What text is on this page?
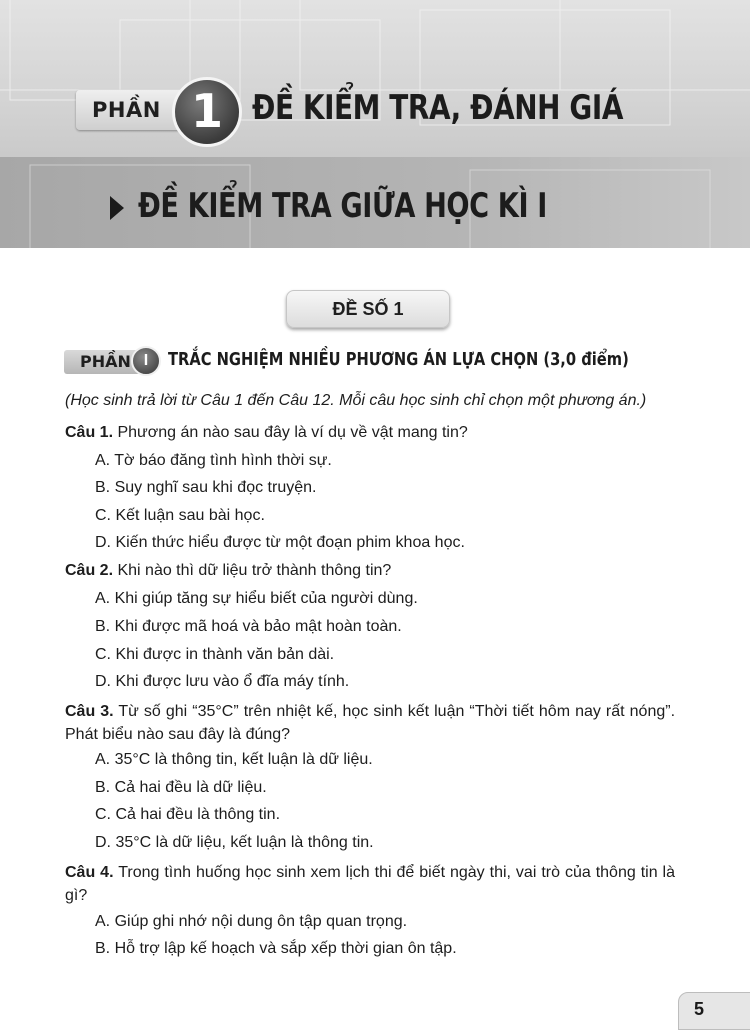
PHẦN 1 ĐỀ KIỂM TRA, ĐÁNH GIÁ
ĐỀ KIỂM TRA GIỮA HỌC KÌ I
ĐỀ SỐ 1
PHẦN I	TRẮC NGHIỆM NHIỀU PHƯƠNG ÁN LỰA CHỌN (3,0 điểm)
(Học sinh trả lời từ Câu 1 đến Câu 12. Mỗi câu học sinh chỉ chọn một phương án.)
Câu 1. Phương án nào sau đây là ví dụ về vật mang tin?
A. Tờ báo đăng tình hình thời sự.
B. Suy nghĩ sau khi đọc truyện.
C. Kết luận sau bài học.
D. Kiến thức hiểu được từ một đoạn phim khoa học.
Câu 2. Khi nào thì dữ liệu trở thành thông tin?
A. Khi giúp tăng sự hiểu biết của người dùng.
B. Khi được mã hoá và bảo mật hoàn toàn.
C. Khi được in thành văn bản dài.
D. Khi được lưu vào ổ đĩa máy tính.
Câu 3. Từ số ghi “35°C” trên nhiệt kế, học sinh kết luận “Thời tiết hôm nay rất nóng”. Phát biểu nào sau đây là đúng?
A. 35°C là thông tin, kết luận là dữ liệu.
B. Cả hai đều là dữ liệu.
C. Cả hai đều là thông tin.
D. 35°C là dữ liệu, kết luận là thông tin.
Câu 4. Trong tình huống học sinh xem lịch thi để biết ngày thi, vai trò của thông tin là gì?
A. Giúp ghi nhớ nội dung ôn tập quan trọng.
B. Hỗ trợ lập kế hoạch và sắp xếp thời gian ôn tập.
5
